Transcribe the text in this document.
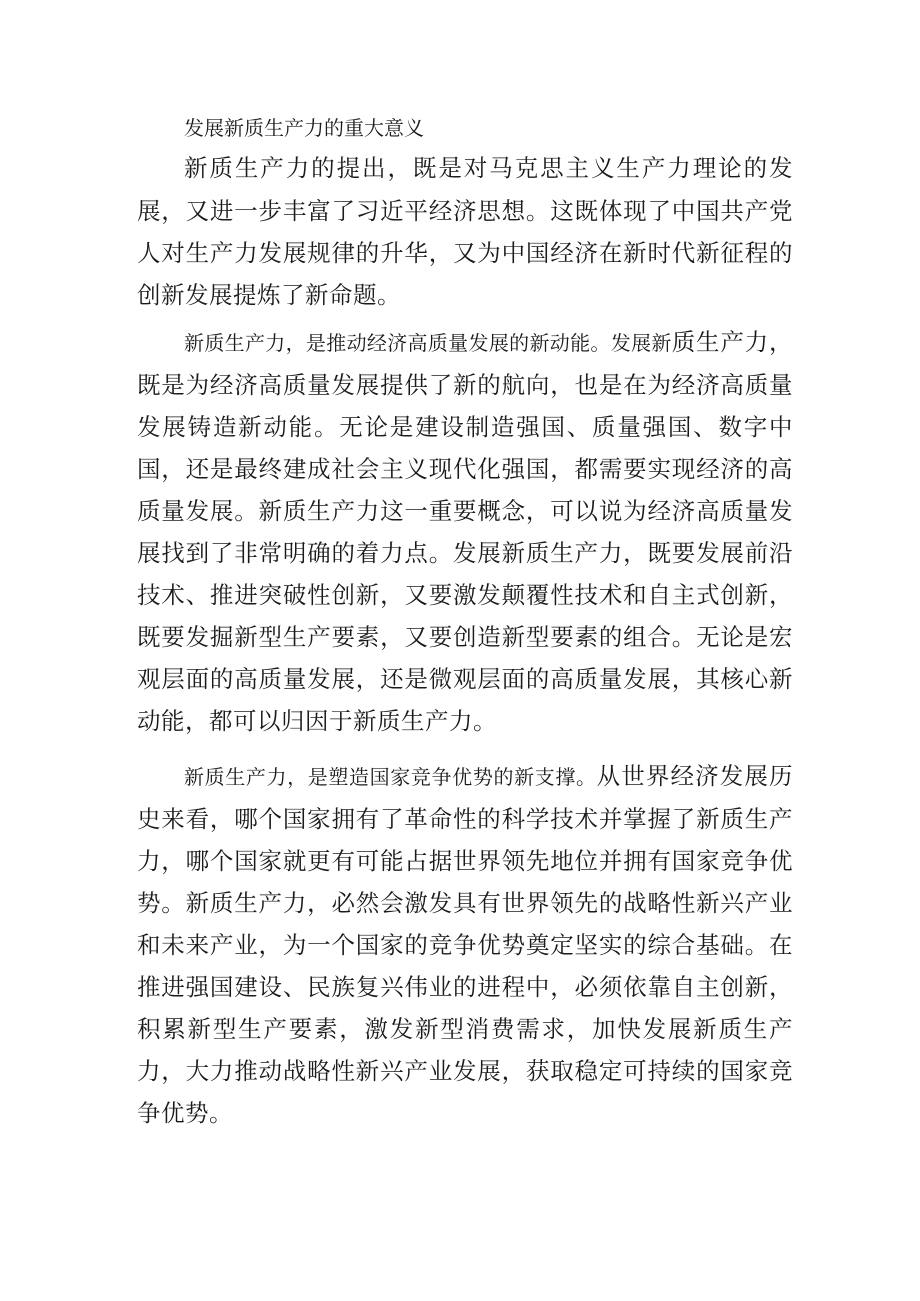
发展新质生产力的重大意义

新质生产力的提出，既是对马克思主义生产力理论的发展，又进一步丰富了习近平经济思想。这既体现了中国共产党人对生产力发展规律的升华，又为中国经济在新时代新征程的创新发展提炼了新命题。

新质生产力，是推动经济高质量发展的新动能。发展新质生产力，既是为经济高质量发展提供了新的航向，也是在为经济高质量发展铸造新动能。无论是建设制造强国、质量强国、数字中国，还是最终建成社会主义现代化强国，都需要实现经济的高质量发展。新质生产力这一重要概念，可以说为经济高质量发展找到了非常明确的着力点。发展新质生产力，既要发展前沿技术、推进突破性创新，又要激发颠覆性技术和自主式创新，既要发掘新型生产要素，又要创造新型要素的组合。无论是宏观层面的高质量发展，还是微观层面的高质量发展，其核心新动能，都可以归因于新质生产力。

新质生产力，是塑造国家竞争优势的新支撑。从世界经济发展历史来看，哪个国家拥有了革命性的科学技术并掌握了新质生产力，哪个国家就更有可能占据世界领先地位并拥有国家竞争优势。新质生产力，必然会激发具有世界领先的战略性新兴产业和未来产业，为一个国家的竞争优势奠定坚实的综合基础。在推进强国建设、民族复兴伟业的进程中，必须依靠自主创新，积累新型生产要素，激发新型消费需求，加快发展新质生产力，大力推动战略性新兴产业发展，获取稳定可持续的国家竞争优势。
